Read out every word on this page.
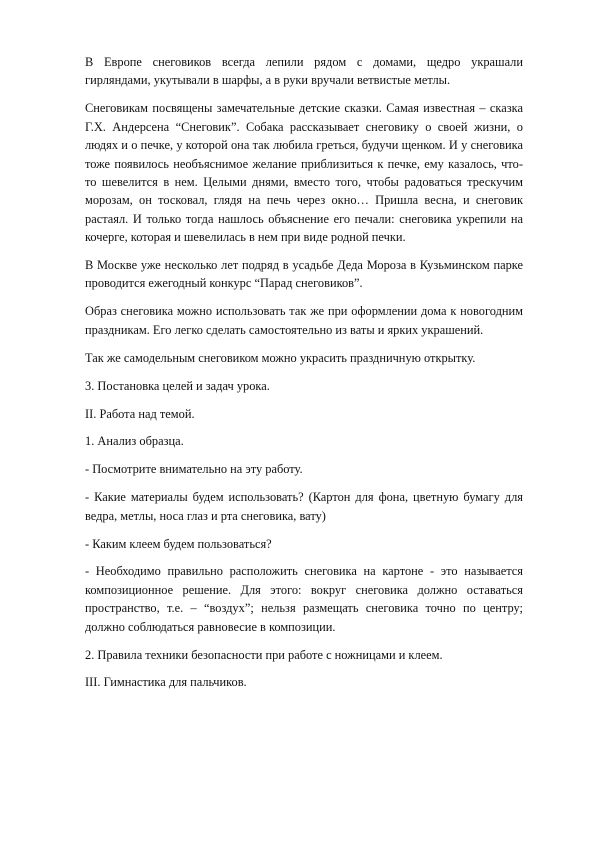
В Европе снеговиков всегда лепили рядом с домами, щедро украшали гирляндами, укутывали в шарфы, а в руки вручали ветвистые метлы.

Снеговикам посвящены замечательные детские сказки. Самая известная – сказка Г.Х. Андерсена “Снеговик”. Собака рассказывает снеговику о своей жизни, о людях и о печке, у которой она так любила греться, будучи щенком. И у снеговика тоже появилось необъяснимое желание приблизиться к печке, ему казалось, что-то шевелится в нем. Целыми днями, вместо того, чтобы радоваться трескучим морозам, он тосковал, глядя на печь через окно… Пришла весна, и снеговик растаял. И только тогда нашлось объяснение его печали: снеговика укрепили на кочерге, которая и шевелилась в нем при виде родной печки.

В Москве уже несколько лет подряд в усадьбе Деда Мороза в Кузьминском парке проводится ежегодный конкурс “Парад снеговиков”.

Образ снеговика можно использовать так же при оформлении дома к новогодним праздникам. Его легко сделать самостоятельно из ваты и ярких украшений.

Так же самодельным снеговиком можно украсить праздничную открытку.

3. Постановка целей и задач урока.

II. Работа над темой.

1. Анализ образца.

- Посмотрите внимательно на эту работу.

- Какие материалы будем использовать? (Картон для фона, цветную бумагу для ведра, метлы, носа глаз и рта снеговика, вату)

- Каким клеем будем пользоваться?

- Необходимо правильно расположить снеговика на картоне - это называется композиционное решение. Для этого: вокруг снеговика должно оставаться пространство, т.е. – “воздух”; нельзя размещать снеговика точно по центру; должно соблюдаться равновесие в композиции.

2. Правила техники безопасности при работе с ножницами и клеем.

III. Гимнастика для пальчиков.
